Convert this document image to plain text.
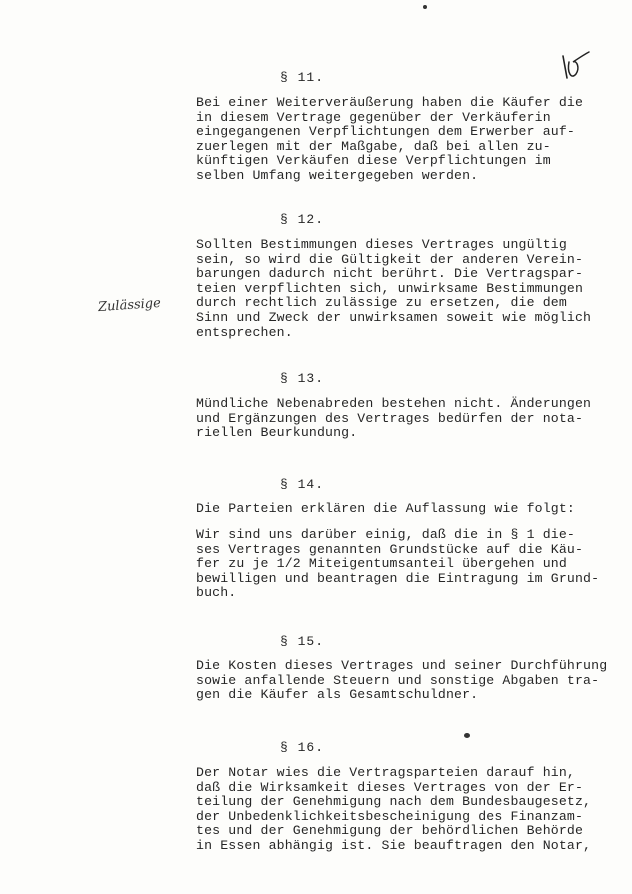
Zulässige
§ 11.
Bei einer Weiterveräußerung haben die Käufer die
in diesem Vertrage gegenüber der Verkäuferin
eingegangenen Verpflichtungen dem Erwerber auf-
zuerlegen mit der Maßgabe, daß bei allen zu-
künftigen Verkäufen diese Verpflichtungen im
selben Umfang weitergegeben werden.
§ 12.
Sollten Bestimmungen dieses Vertrages ungültig
sein, so wird die Gültigkeit der anderen Verein-
barungen dadurch nicht berührt. Die Vertragspar-
teien verpflichten sich, unwirksame Bestimmungen
durch rechtlich zulässige zu ersetzen, die dem
Sinn und Zweck der unwirksamen soweit wie möglich
entsprechen.
§ 13.
Mündliche Nebenabreden bestehen nicht. Änderungen
und Ergänzungen des Vertrages bedürfen der nota-
riellen Beurkundung.
§ 14.
Die Parteien erklären die Auflassung wie folgt:
Wir sind uns darüber einig, daß die in § 1 die-
ses Vertrages genannten Grundstücke auf die Käu-
fer zu je 1/2 Miteigentumsanteil übergehen und
bewilligen und beantragen die Eintragung im Grund-
buch.
§ 15.
Die Kosten dieses Vertrages und seiner Durchführung
sowie anfallende Steuern und sonstige Abgaben tra-
gen die Käufer als Gesamtschuldner.
§ 16.
Der Notar wies die Vertragsparteien darauf hin,
daß die Wirksamkeit dieses Vertrages von der Er-
teilung der Genehmigung nach dem Bundesbaugesetz,
der Unbedenklichkeitsbescheinigung des Finanzam-
tes und der Genehmigung der behördlichen Behörde
in Essen abhängig ist. Sie beauftragen den Notar,
10
